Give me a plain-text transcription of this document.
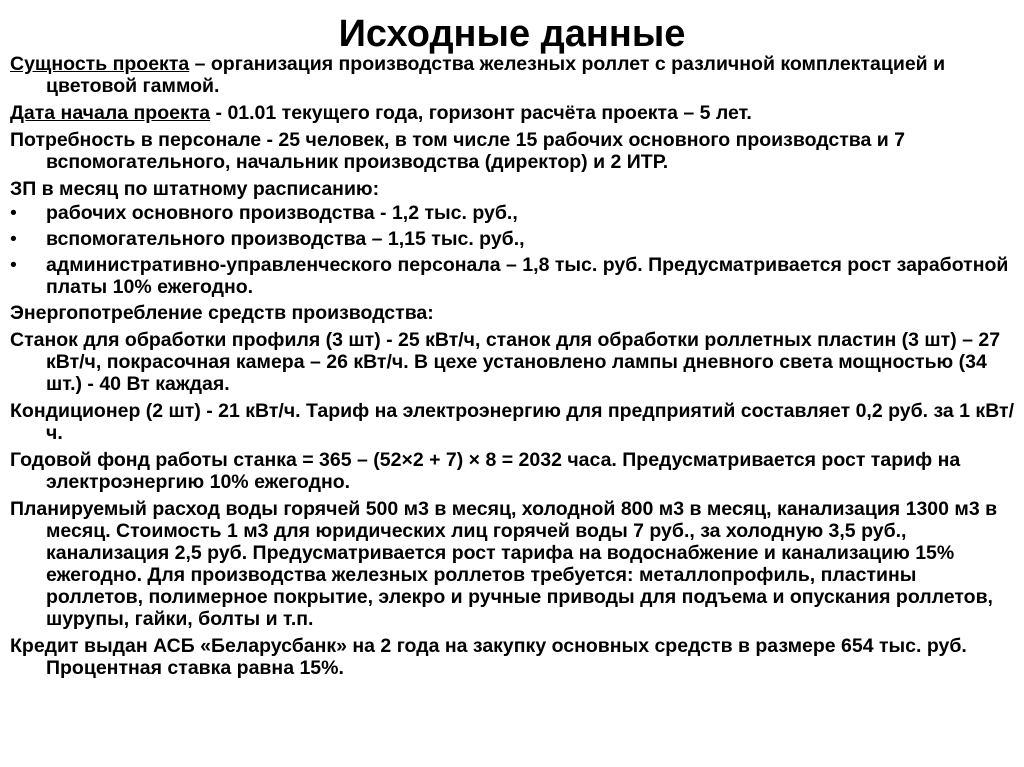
Исходные данные

Сущность проекта – организация производства железных роллет с различной комплектацией и цветовой гаммой.

Дата начала проекта - 01.01 текущего года, горизонт расчёта проекта – 5 лет.

Потребность в персонале - 25 человек, в том числе 15 рабочих основного производства и 7 вспомогательного, начальник производства (директор) и 2 ИТР.

ЗП в месяц по штатному расписанию:

•	рабочих основного производства - 1,2 тыс. руб.,
•	вспомогательного производства – 1,15 тыс. руб.,
•	административно-управленческого персонала – 1,8 тыс. руб. Предусматривается рост заработной платы 10% ежегодно.

Энергопотребление средств производства:

Станок для обработки профиля (3 шт) - 25 кВт/ч, станок для обработки роллетных пластин (3 шт) – 27 кВт/ч, покрасочная камера – 26 кВт/ч. В цехе установлено лампы дневного света мощностью (34 шт.) - 40 Вт каждая.

Кондиционер (2 шт) - 21 кВт/ч. Тариф на электроэнергию для предприятий составляет 0,2 руб. за 1 кВт/ч.

Годовой фонд работы станка = 365 – (52×2 + 7) × 8 = 2032 часа. Предусматривается рост тариф на электроэнергию 10% ежегодно.

Планируемый расход воды горячей 500 м3 в месяц, холодной 800 м3 в месяц, канализация 1300 м3 в месяц. Стоимость 1 м3 для юридических лиц горячей воды 7 руб., за холодную 3,5 руб., канализация 2,5 руб. Предусматривается рост тарифа на водоснабжение и канализацию 15% ежегодно. Для производства железных роллетов требуется: металлопрофиль, пластины роллетов, полимерное покрытие, элекро и ручные приводы для подъема и опускания роллетов, шурупы, гайки, болты и т.п.

Кредит выдан АСБ «Беларусбанк» на 2 года на закупку основных средств в размере 654 тыс. руб. Процентная ставка равна 15%.
